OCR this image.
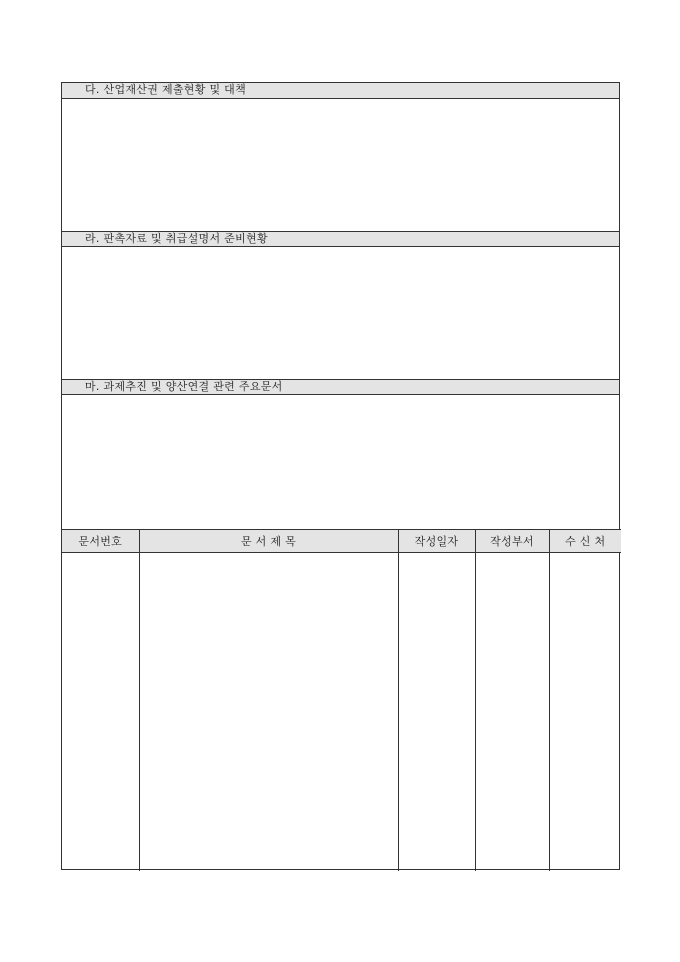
다. 산업재산권 제출현황 및 대책
라. 판촉자료 및 취급설명서 준비현황
마. 과제추진 및 양산연결 관련 주요문서
문서번호	문 서 제 목	작성일자	작성부서	수 신 처
